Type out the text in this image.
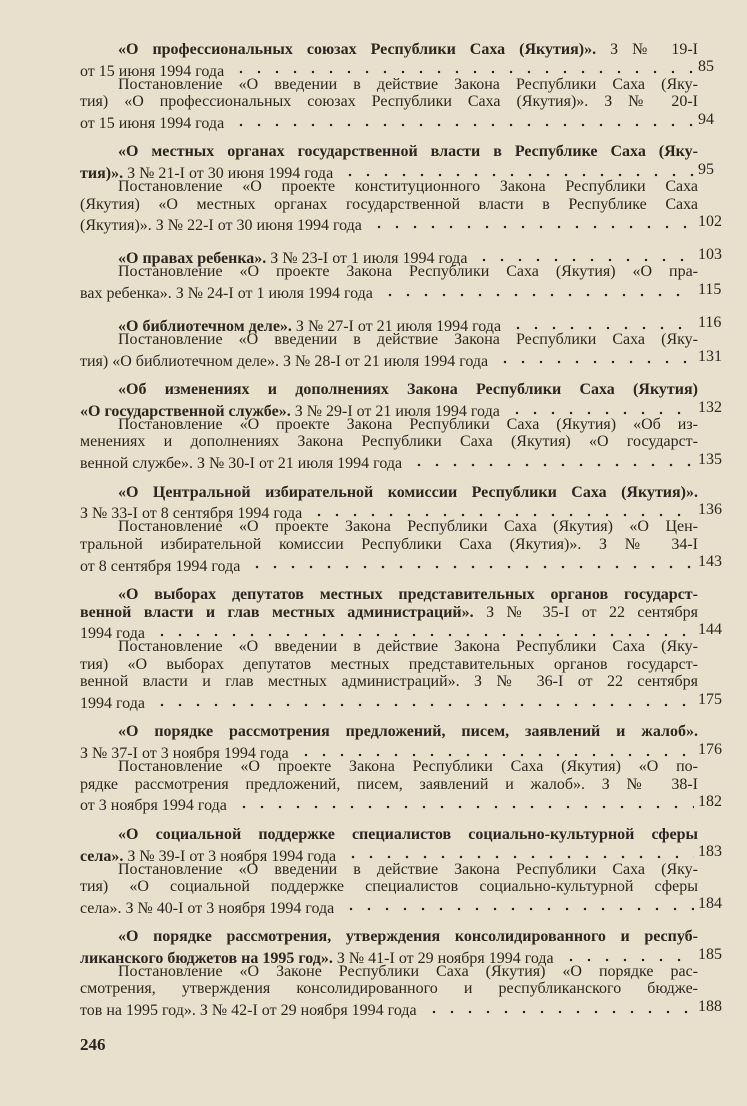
«О профессиональных союзах Республики Саха (Якутия)». З № 19-I
от 15 июня 1994 года	85
Постановление «О введении в действие Закона Республики Саха (Яку-
тия) «О профессиональных союзах Республики Саха (Якутия)». З № 20-I
от 15 июня 1994 года	94
«О местных органах государственной власти в Республике Саха (Яку-
тия)». З № 21-I от 30 июня 1994 года	95
Постановление «О проекте конституционного Закона Республики Саха
(Якутия) «О местных органах государственной власти в Республике Саха
(Якутия)». З № 22-I от 30 июня 1994 года	102
«О правах ребенка». З № 23-I от 1 июля 1994 года	103
Постановление «О проекте Закона Республики Саха (Якутия) «О пра-
вах ребенка». З № 24-I от 1 июля 1994 года	115
«О библиотечном деле». З № 27-I от 21 июля 1994 года	116
Постановление «О введении в действие Закона Республики Саха (Яку-
тия) «О библиотечном деле». З № 28-I от 21 июля 1994 года	131
«Об изменениях и дополнениях Закона Республики Саха (Якутия)
«О государственной службе». З № 29-I от 21 июля 1994 года	132
Постановление «О проекте Закона Республики Саха (Якутия) «Об из-
менениях и дополнениях Закона Республики Саха (Якутия) «О государст-
венной службе». З № 30-I от 21 июля 1994 года	135
«О Центральной избирательной комиссии Республики Саха (Якутия)».
З № 33-I от 8 сентября 1994 года	136
Постановление «О проекте Закона Республики Саха (Якутия) «О Цен-
тральной избирательной комиссии Республики Саха (Якутия)». З № 34-I
от 8 сентября 1994 года	143
«О выборах депутатов местных представительных органов государст-
венной власти и глав местных администраций». З № 35-I от 22 сентября
1994 года	144
Постановление «О введении в действие Закона Республики Саха (Яку-
тия) «О выборах депутатов местных представительных органов государст-
венной власти и глав местных администраций». З № 36-I от 22 сентября
1994 года	175
«О порядке рассмотрения предложений, писем, заявлений и жалоб».
З № 37-I от 3 ноября 1994 года	176
Постановление «О проекте Закона Республики Саха (Якутия) «О по-
рядке рассмотрения предложений, писем, заявлений и жалоб». З № 38-I
от 3 ноября 1994 года	182
«О социальной поддержке специалистов социально-культурной сферы
села». З № 39-I от 3 ноября 1994 года	183
Постановление «О введении в действие Закона Республики Саха (Яку-
тия) «О социальной поддержке специалистов социально-культурной сферы
села». З № 40-I от 3 ноября 1994 года	184
«О порядке рассмотрения, утверждения консолидированного и респуб-
ликанского бюджетов на 1995 год». З № 41-I от 29 ноября 1994 года	185
Постановление «О Законе Республики Саха (Якутия) «О порядке рас-
смотрения, утверждения консолидированного и республиканского бюдже-
тов на 1995 год». З № 42-I от 29 ноября 1994 года	188
246
